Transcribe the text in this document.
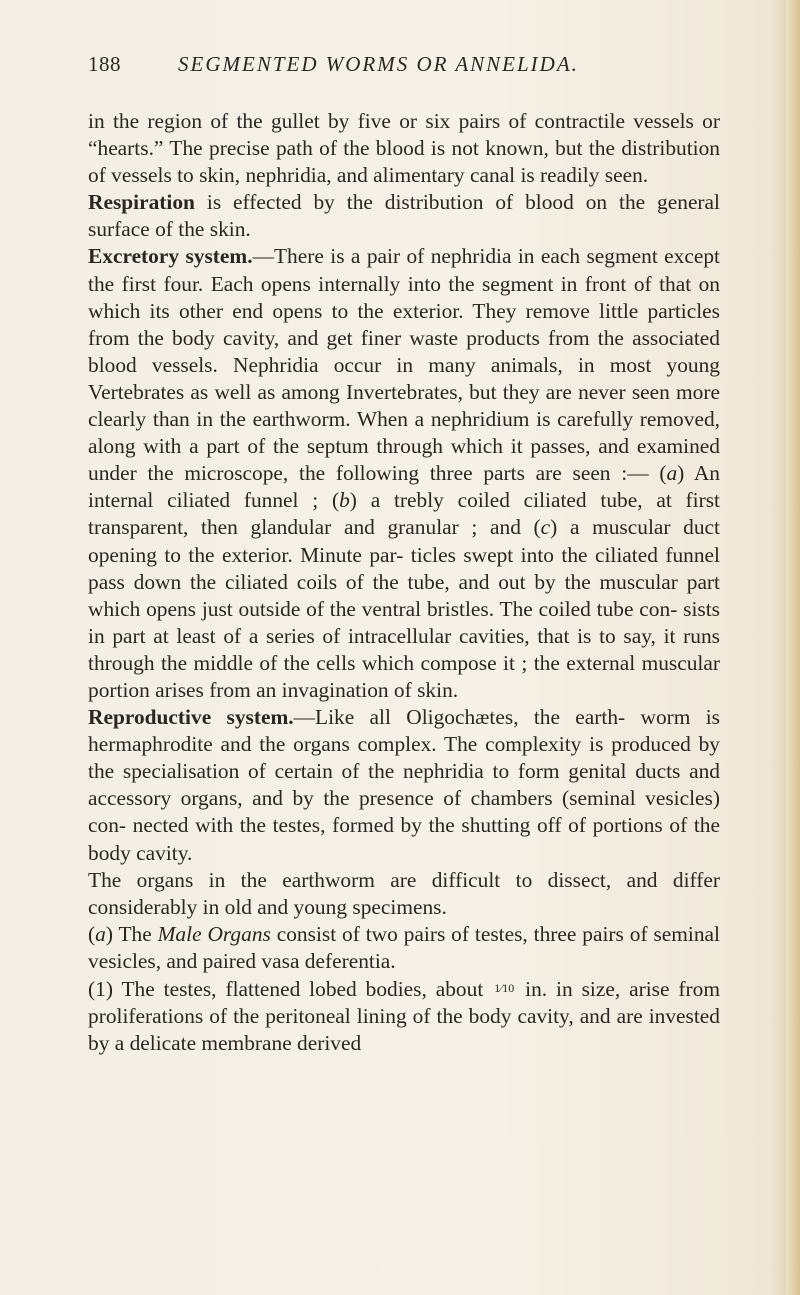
188	SEGMENTED WORMS OR ANNELIDA.

in the region of the gullet by five or six pairs of contractile vessels or “hearts.” The precise path of the blood is not known, but the distribution of vessels to skin, nephridia, and alimentary canal is readily seen.

Respiration is effected by the distribution of blood on the general surface of the skin.

Excretory system.—There is a pair of nephridia in each segment except the first four. Each opens internally into the segment in front of that on which its other end opens to the exterior. They remove little particles from the body cavity, and get finer waste products from the associated blood vessels. Nephridia occur in many animals, in most young Vertebrates as well as among Invertebrates, but they are never seen more clearly than in the earthworm. When a nephridium is carefully removed, along with a part of the septum through which it passes, and examined under the microscope, the following three parts are seen :— (a) An internal ciliated funnel ; (b) a trebly coiled ciliated tube, at first transparent, then glandular and granular ; and (c) a muscular duct opening to the exterior. Minute par- ticles swept into the ciliated funnel pass down the ciliated coils of the tube, and out by the muscular part which opens just outside of the ventral bristles. The coiled tube con- sists in part at least of a series of intracellular cavities, that is to say, it runs through the middle of the cells which compose it ; the external muscular portion arises from an invagination of skin.

Reproductive system.—Like all Oligochætes, the earth- worm is hermaphrodite and the organs complex. The complexity is produced by the specialisation of certain of the nephridia to form genital ducts and accessory organs, and by the presence of chambers (seminal vesicles) con- nected with the testes, formed by the shutting off of portions of the body cavity.

The organs in the earthworm are difficult to dissect, and differ considerably in old and young specimens.

(a) The Male Organs consist of two pairs of testes, three pairs of seminal vesicles, and paired vasa deferentia.

(1) The testes, flattened lobed bodies, about 1⁄10 in. in size, arise from proliferations of the peritoneal lining of the body cavity, and are invested by a delicate membrane derived
